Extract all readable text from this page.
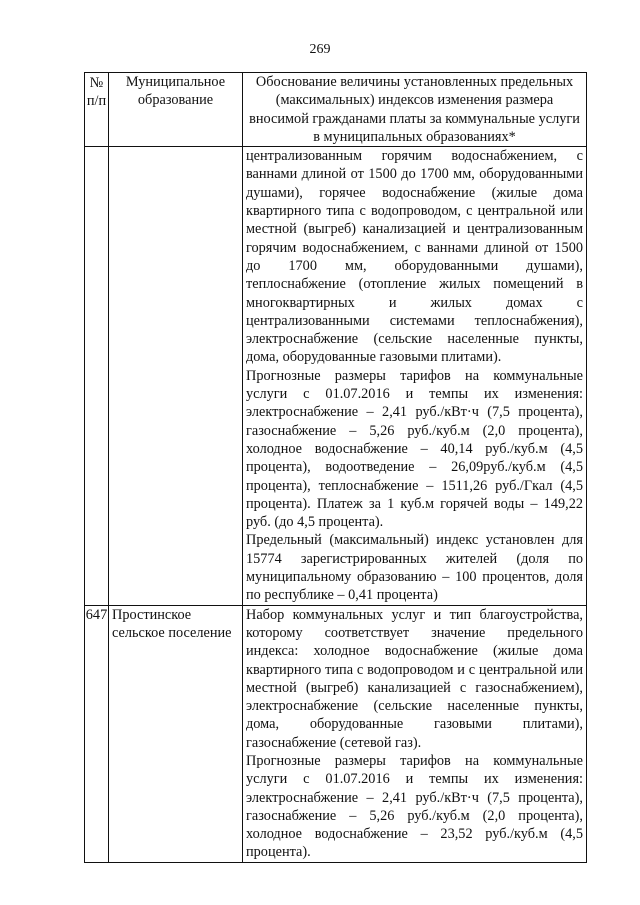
269
№ п/п	Муниципальное образование	Обоснование величины установленных предельных (максимальных) индексов изменения размера вносимой гражданами платы за коммунальные услуги в муниципальных образованиях*

		централизованным горячим водоснабжением, с ваннами длиной от 1500 до 1700 мм, оборудованными душами), горячее водоснабжение (жилые дома квартирного типа с водопроводом, с центральной или местной (выгреб) канализацией и централизованным горячим водоснабжением, с ваннами длиной от 1500 до 1700 мм, оборудованными душами), теплоснабжение (отопление жилых помещений в многоквартирных и жилых домах с централизованными системами теплоснабжения), электроснабжение (сельские населенные пункты, дома, оборудованные газовыми плитами).
Прогнозные размеры тарифов на коммунальные услуги с 01.07.2016 и темпы их изменения: электроснабжение – 2,41 руб./кВт·ч (7,5 процента), газоснабжение – 5,26 руб./куб.м (2,0 процента), холодное водоснабжение – 40,14 руб./куб.м (4,5 процента), водоотведение – 26,09руб./куб.м (4,5 процента), теплоснабжение – 1511,26 руб./Гкал (4,5 процента). Платеж за 1 куб.м горячей воды – 149,22 руб. (до 4,5 процента).
Предельный (максимальный) индекс установлен для 15774 зарегистрированных жителей (доля по муниципальному образованию – 100 процентов, доля по республике – 0,41 процента)

647	Простинское сельское поселение	Набор коммунальных услуг и тип благоустройства, которому соответствует значение предельного индекса: холодное водоснабжение (жилые дома квартирного типа с водопроводом и с центральной или местной (выгреб) канализацией с газоснабжением), электроснабжение (сельские населенные пункты, дома, оборудованные газовыми плитами), газоснабжение (сетевой газ).
Прогнозные размеры тарифов на коммунальные услуги с 01.07.2016 и темпы их изменения: электроснабжение – 2,41 руб./кВт·ч (7,5 процента), газоснабжение – 5,26 руб./куб.м (2,0 процента), холодное водоснабжение – 23,52 руб./куб.м (4,5 процента).
